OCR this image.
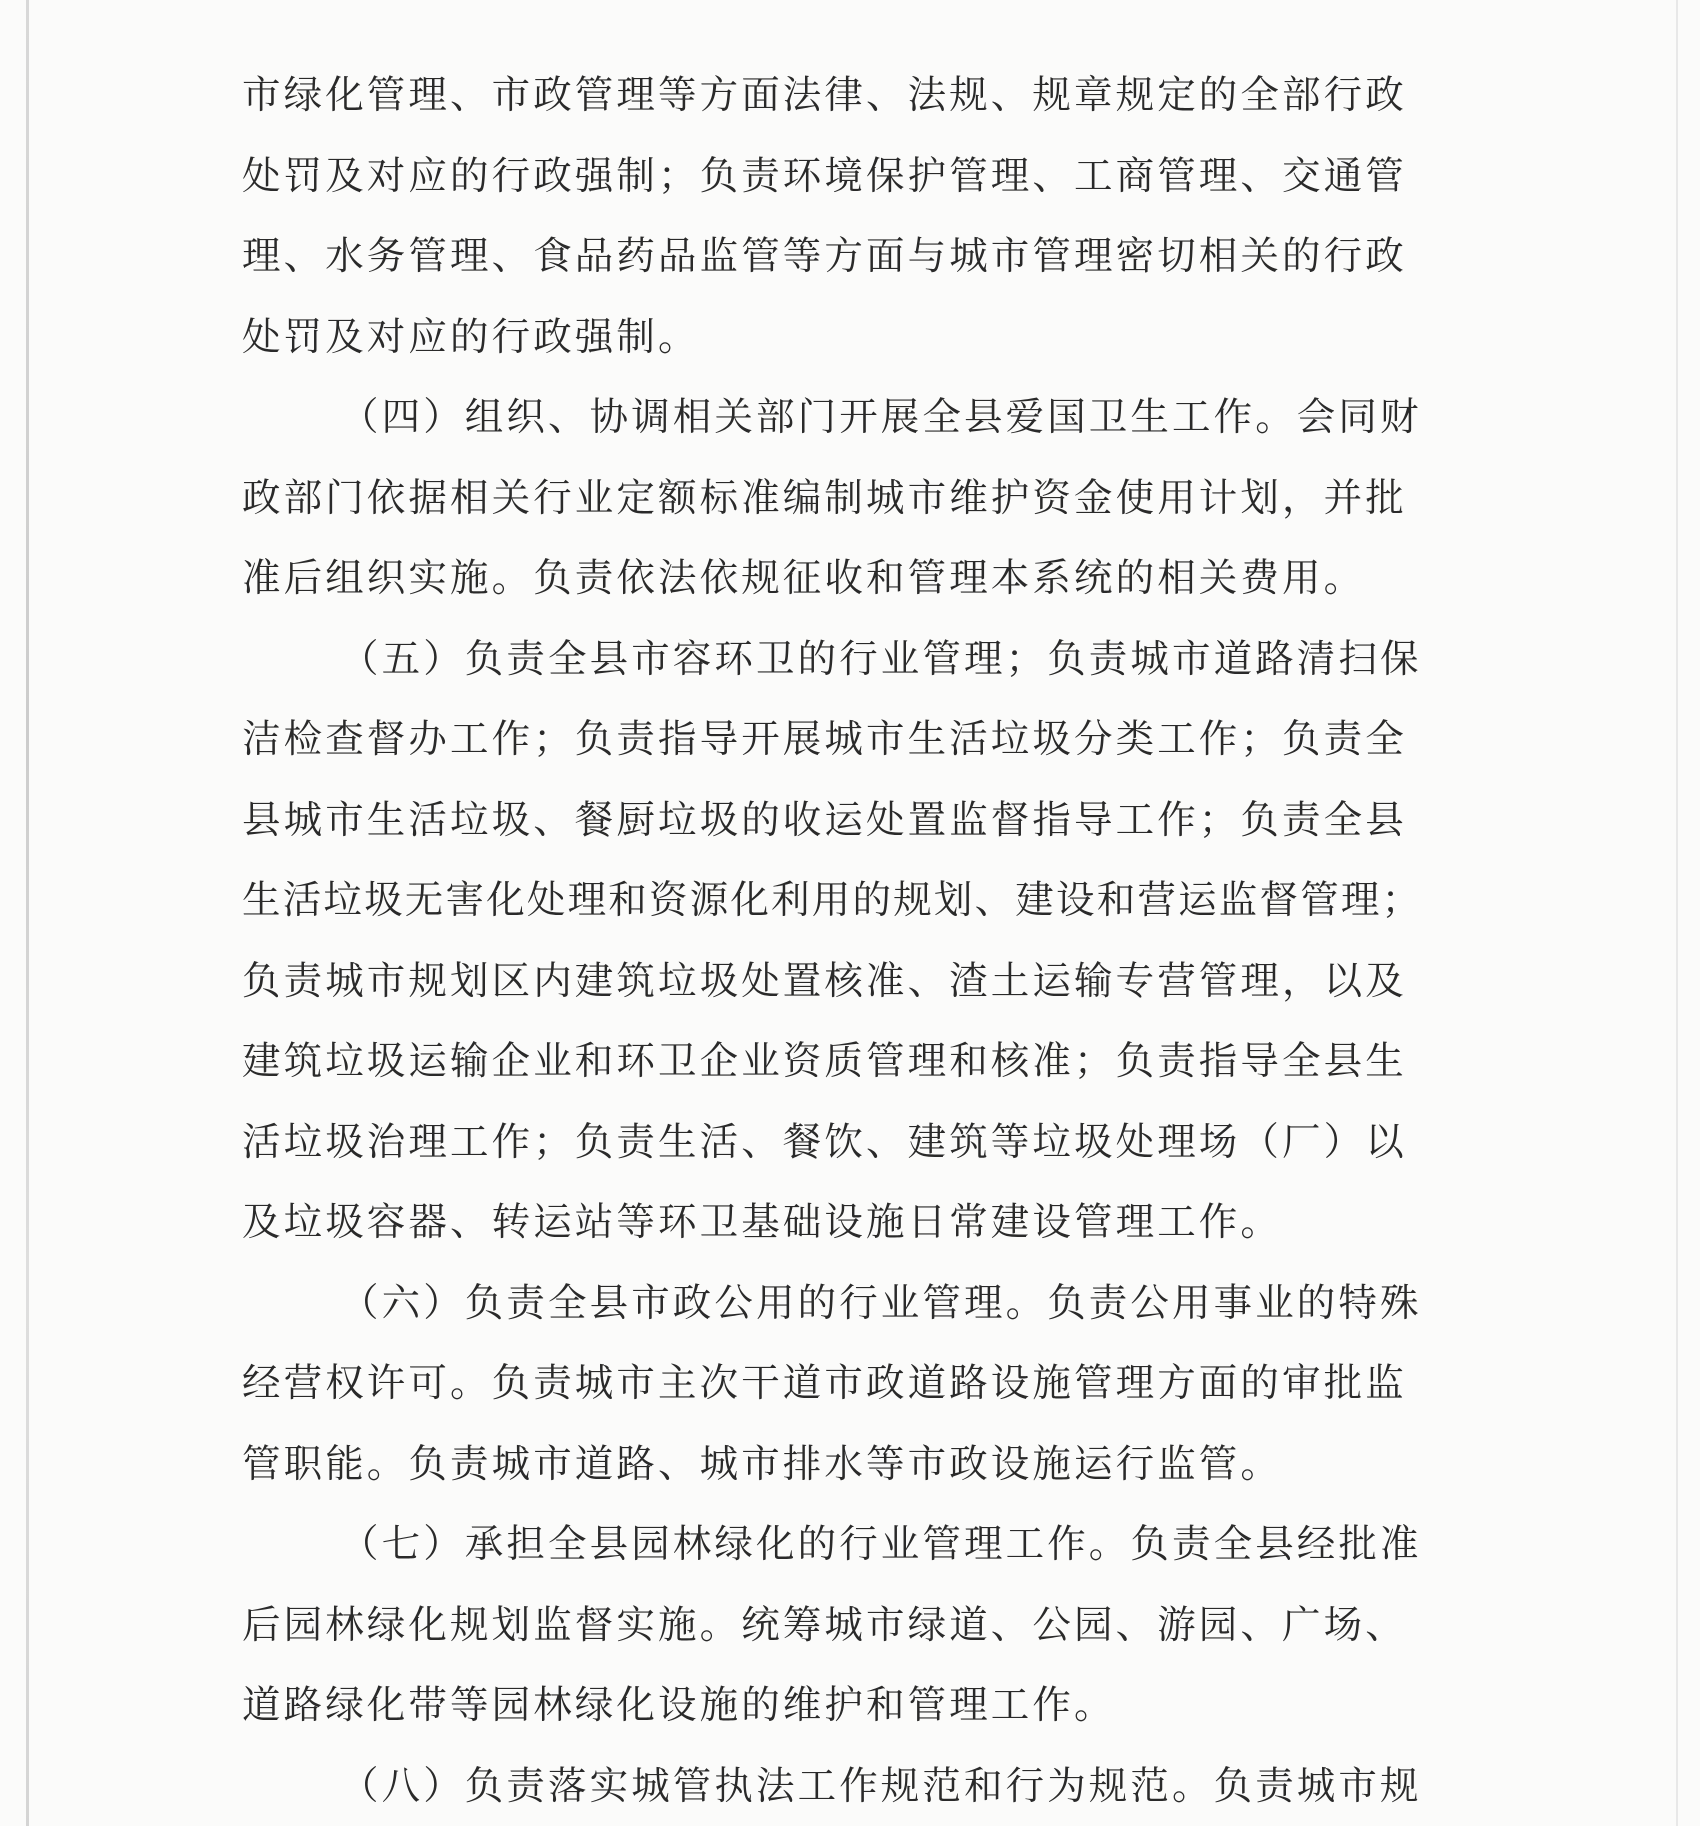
市绿化管理、市政管理等方面法律、法规、规章规定的全部行政

处罚及对应的行政强制；负责环境保护管理、工商管理、交通管

理、水务管理、食品药品监管等方面与城市管理密切相关的行政

处罚及对应的行政强制。

（四）组织、协调相关部门开展全县爱国卫生工作。会同财

政部门依据相关行业定额标准编制城市维护资金使用计划，并批

准后组织实施。负责依法依规征收和管理本系统的相关费用。

（五）负责全县市容环卫的行业管理；负责城市道路清扫保

洁检查督办工作；负责指导开展城市生活垃圾分类工作；负责全

县城市生活垃圾、餐厨垃圾的收运处置监督指导工作；负责全县

生活垃圾无害化处理和资源化利用的规划、建设和营运监督管理；

负责城市规划区内建筑垃圾处置核准、渣土运输专营管理，以及

建筑垃圾运输企业和环卫企业资质管理和核准；负责指导全县生

活垃圾治理工作；负责生活、餐饮、建筑等垃圾处理场（厂）以

及垃圾容器、转运站等环卫基础设施日常建设管理工作。

（六）负责全县市政公用的行业管理。负责公用事业的特殊

经营权许可。负责城市主次干道市政道路设施管理方面的审批监

管职能。负责城市道路、城市排水等市政设施运行监管。

（七）承担全县园林绿化的行业管理工作。负责全县经批准

后园林绿化规划监督实施。统筹城市绿道、公园、游园、广场、

道路绿化带等园林绿化设施的维护和管理工作。

（八）负责落实城管执法工作规范和行为规范。负责城市规
